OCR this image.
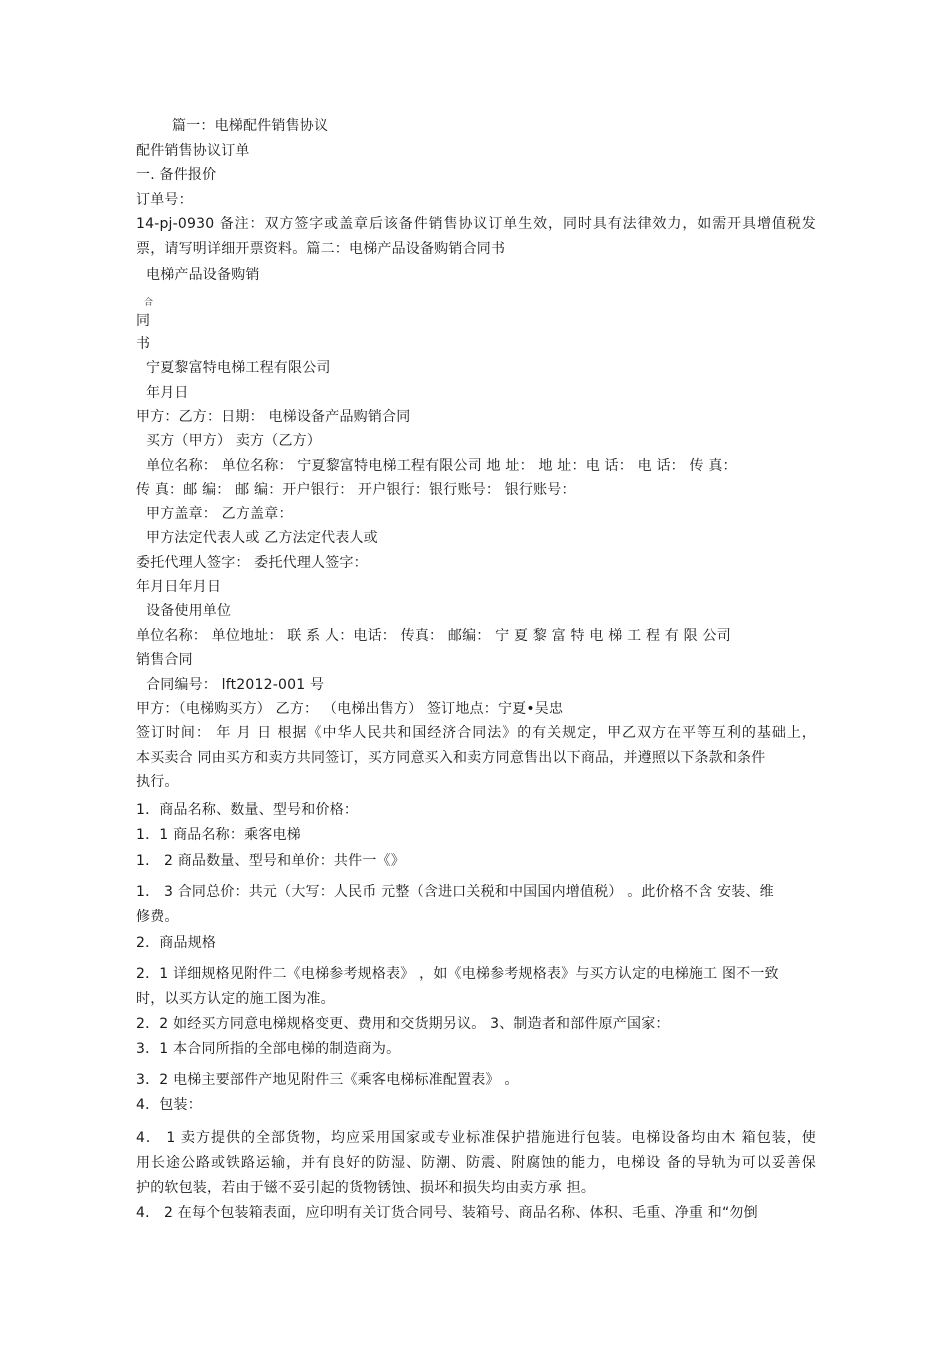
篇一：电梯配件销售协议
配件销售协议订单
一. 备件报价
订单号：
14-pj-0930 备注：双方签字或盖章后该备件销售协议订单生效，同时具有法律效力，如需开具增值税发
票，请写明详细开票资料。篇二：电梯产品设备购销合同书
电梯产品设备购销
合
同
书
宁夏黎富特电梯工程有限公司
年月日
甲方：乙方：日期： 电梯设备产品购销合同
买方（甲方） 卖方（乙方）
单位名称： 单位名称： 宁夏黎富特电梯工程有限公司 地 址： 地 址：电 话： 电 话： 传 真：
传 真：邮 编： 邮 编：开户银行： 开户银行：银行账号： 银行账号：
甲方盖章： 乙方盖章：
甲方法定代表人或 乙方法定代表人或
委托代理人签字： 委托代理人签字：
年月日年月日
设备使用单位
单位名称： 单位地址： 联 系 人：电话： 传真： 邮编： 宁 夏 黎 富 特 电 梯 工 程 有 限 公司
销售合同
合同编号： lft2012-001 号
甲方：（电梯购买方） 乙方： （电梯出售方） 签订地点：宁夏•吴忠
签订时间： 年 月 日 根据《中华人民共和国经济合同法》的有关规定，甲乙双方在平等互利的基础上，
本买卖合 同由买方和卖方共同签订，买方同意买入和卖方同意售出以下商品，并遵照以下条款和条件
执行。
1．商品名称、数量、型号和价格：
1．1 商品名称：乘客电梯
1． 2 商品数量、型号和单价：共件一《》
1． 3 合同总价：共元（大写：人民币 元整（含进口关税和中国国内增值税） 。此价格不含 安装、维
修费。
2．商品规格
2．1 详细规格见附件二《电梯参考规格表》 ，如《电梯参考规格表》与买方认定的电梯施工 图不一致
时，以买方认定的施工图为准。
2．2 如经买方同意电梯规格变更、费用和交货期另议。 3、制造者和部件原产国家：
3．1 本合同所指的全部电梯的制造商为。
3．2 电梯主要部件产地见附件三《乘客电梯标准配置表》 。
4．包装：
4． 1 卖方提供的全部货物，均应采用国家或专业标准保护措施进行包装。电梯设备均由木 箱包装，使
用长途公路或铁路运输，并有良好的防湿、防潮、防震、附腐蚀的能力，电梯设 备的导轨为可以妥善保
护的软包装，若由于镃不妥引起的货物锈蚀、损坏和损失均由卖方承 担。
4． 2 在每个包装箱表面，应印明有关订货合同号、装箱号、商品名称、体积、毛重、净重 和“勿倒
